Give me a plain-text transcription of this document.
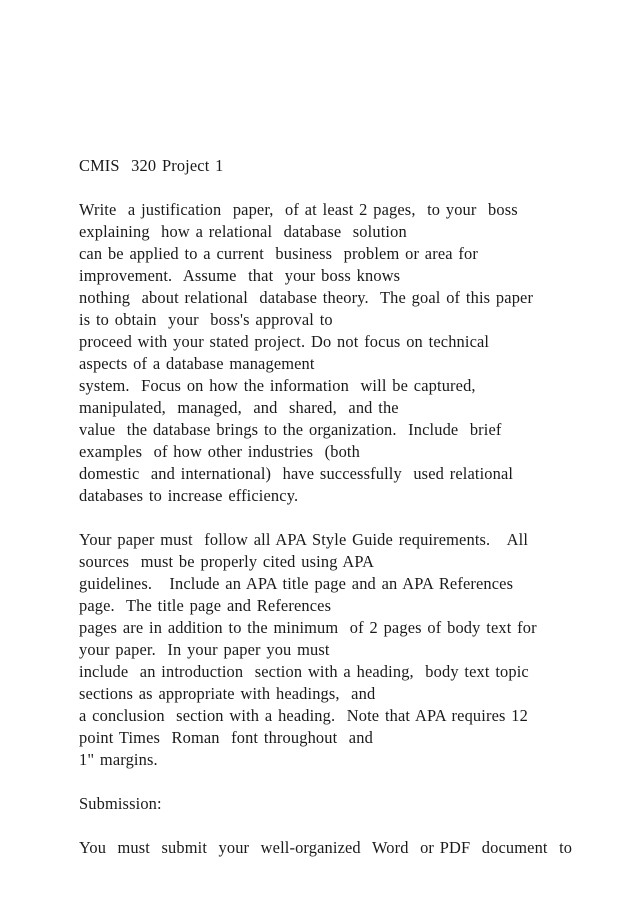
CMIS  320 Project 1
Write  a justification  paper,  of at least 2 pages,  to your  boss
explaining  how a relational  database  solution
can be applied to a current  business  problem or area for
improvement.  Assume  that  your boss knows
nothing  about relational  database theory.  The goal of this paper
is to obtain  your  boss's approval to
proceed with your stated project. Do not focus on technical
aspects of a database management
system.  Focus on how the information  will be captured,
manipulated,  managed,  and  shared,  and the
value  the database brings to the organization.  Include  brief
examples  of how other industries  (both
domestic  and international)  have successfully  used relational
databases to increase efficiency.
Your paper must  follow all APA Style Guide requirements.   All
sources  must be properly cited using APA
guidelines.   Include an APA title page and an APA References
page.  The title page and References
pages are in addition to the minimum  of 2 pages of body text for
your paper.  In your paper you must
include  an introduction  section with a heading,  body text topic
sections as appropriate with headings,  and
a conclusion  section with a heading.  Note that APA requires 12
point Times  Roman  font throughout  and
1" margins.
Submission:
You  must  submit  your  well-organized  Word  or PDF  document  to
